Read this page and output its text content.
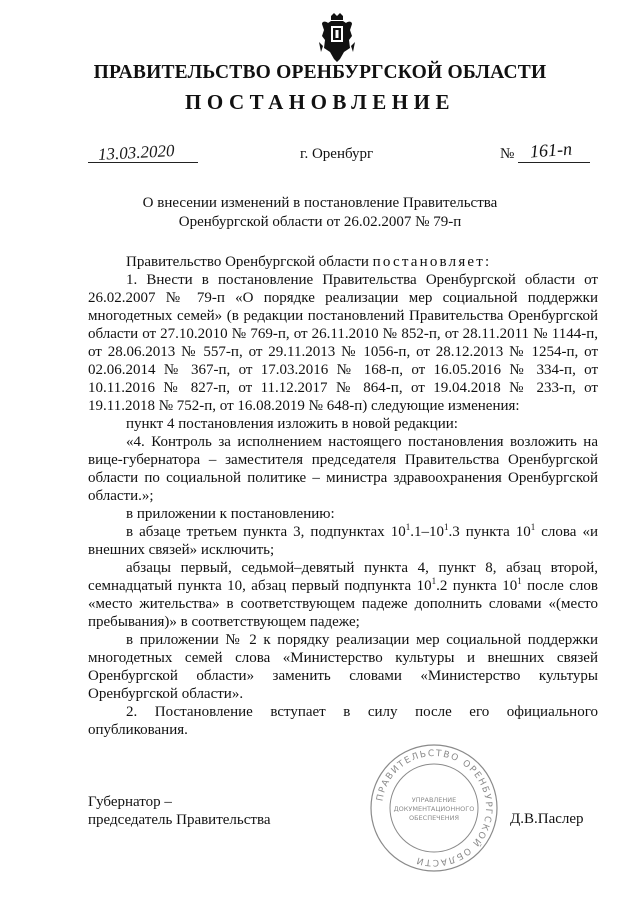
ПРАВИТЕЛЬСТВО ОРЕНБУРГСКОЙ ОБЛАСТИ
ПОСТАНОВЛЕНИЕ
13.03.2020	г. Оренбург	№ 161-п
О внесении изменений в постановление Правительства
Оренбургской области от 26.02.2007 № 79-п

Правительство Оренбургской области постановляет:

1. Внести в постановление Правительства Оренбургской области от 26.02.2007 № 79-п «О порядке реализации мер социальной поддержки многодетных семей» (в редакции постановлений Правительства Оренбургской области от 27.10.2010 № 769-п, от 26.11.2010 № 852-п, от 28.11.2011 № 1144-п, от 28.06.2013 № 557-п, от 29.11.2013 № 1056-п, от 28.12.2013 № 1254-п, от 02.06.2014 № 367-п, от 17.03.2016 № 168-п, от 16.05.2016 № 334-п, от 10.11.2016 № 827-п, от 11.12.2017 № 864-п, от 19.04.2018 № 233-п, от 19.11.2018 № 752-п, от 16.08.2019 № 648-п) следующие изменения:

пункт 4 постановления изложить в новой редакции:

«4. Контроль за исполнением настоящего постановления возложить на вице-губернатора – заместителя председателя Правительства Оренбургской области по социальной политике – министра здравоохранения Оренбургской области.»;

в приложении к постановлению:

в абзаце третьем пункта 3, подпунктах $10^1.1-10^1.3$ пункта $10^1$ слова «и внешних связей» исключить;

абзацы первый, седьмой–девятый пункта 4, пункт 8, абзац второй, семнадцатый пункта 10, абзац первый подпункта $10^1.2$ пункта $10^1$ после слов «место жительства» в соответствующем падеже дополнить словами «(место пребывания)» в соответствующем падеже;

в приложении № 2 к порядку реализации мер социальной поддержки многодетных семей слова «Министерство культуры и внешних связей Оренбургской области» заменить словами «Министерство культуры Оренбургской области».

2. Постановление вступает в силу после его официального опубликования.

Губернатор –
председатель Правительства	Д.В.Паслер
ПРАВИТЕЛЬСТВО ОРЕНБУРГСКОЙ ОБЛАСТИ
УПРАВЛЕНИЕ
ДОКУМЕНТАЦИОННОГО
ОБЕСПЕЧЕНИЯ
